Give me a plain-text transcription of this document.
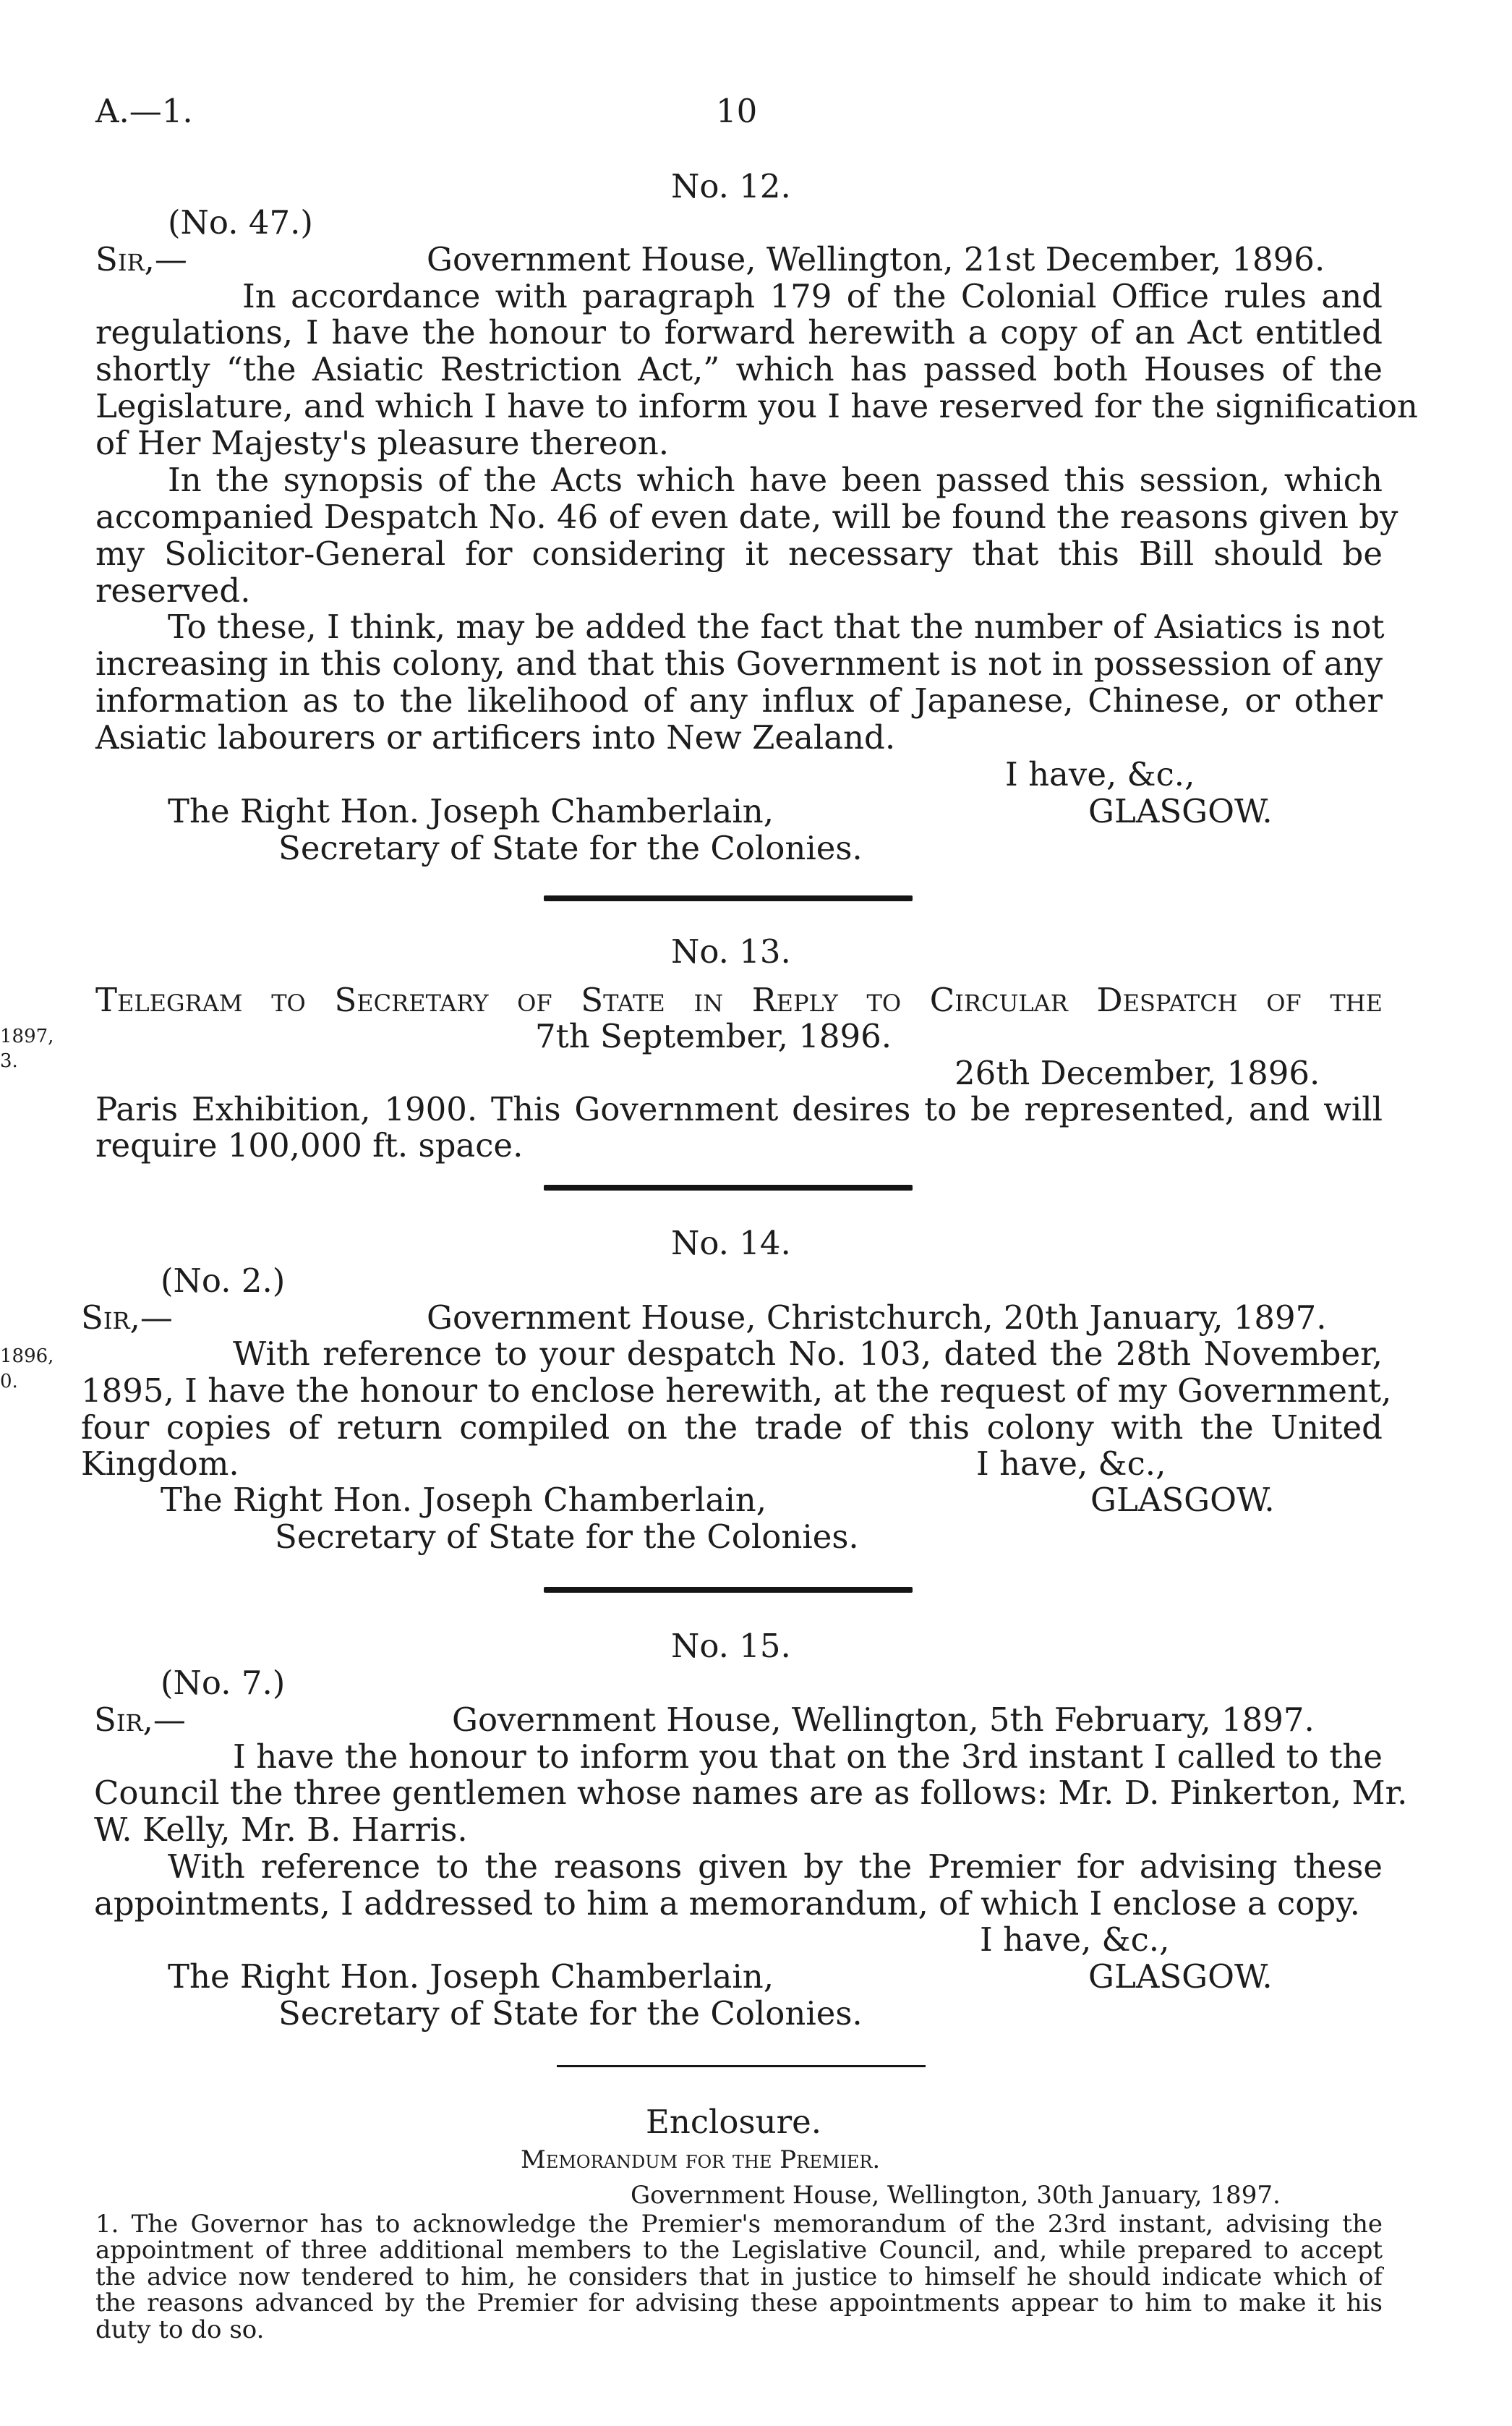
A.—1.	10
1897,
3.
1896,
0.
No. 12.
(No. 47.)
Sir,—	Government House, Wellington, 21st December, 1896.
In accordance with paragraph 179 of the Colonial Office rules and
regulations, I have the honour to forward herewith a copy of an Act entitled
shortly “the Asiatic Restriction Act,” which has passed both Houses of the
Legislature, and which I have to inform you I have reserved for the signification
of Her Majesty's pleasure thereon.
In the synopsis of the Acts which have been passed this session, which
accompanied Despatch No. 46 of even date, will be found the reasons given by
my Solicitor-General for considering it necessary that this Bill should be
reserved.
To these, I think, may be added the fact that the number of Asiatics is not
increasing in this colony, and that this Government is not in possession of any
information as to the likelihood of any influx of Japanese, Chinese, or other
Asiatic labourers or artificers into New Zealand.
I have, &c.,
The Right Hon. Joseph Chamberlain,	GLASGOW.
Secretary of State for the Colonies.
No. 13.
Telegram to Secretary of State in Reply to Circular Despatch of the
7th September, 1896.
26th December, 1896.
Paris Exhibition, 1900. This Government desires to be represented, and will
require 100,000 ft. space.
No. 14.
(No. 2.)
Sir,—	Government House, Christchurch, 20th January, 1897.
With reference to your despatch No. 103, dated the 28th November,
1895, I have the honour to enclose herewith, at the request of my Government,
four copies of return compiled on the trade of this colony with the United
Kingdom.	I have, &c.,
The Right Hon. Joseph Chamberlain,	GLASGOW.
Secretary of State for the Colonies.
No. 15.
(No. 7.)
Sir,—	Government House, Wellington, 5th February, 1897.
I have the honour to inform you that on the 3rd instant I called to the
Council the three gentlemen whose names are as follows: Mr. D. Pinkerton, Mr.
W. Kelly, Mr. B. Harris.
With reference to the reasons given by the Premier for advising these
appointments, I addressed to him a memorandum, of which I enclose a copy.
I have, &c.,
The Right Hon. Joseph Chamberlain,	GLASGOW.
Secretary of State for the Colonies.
Enclosure.
Memorandum for the Premier.
Government House, Wellington, 30th January, 1897.
1. The Governor has to acknowledge the Premier's memorandum of the 23rd instant, advising the
appointment of three additional members to the Legislative Council, and, while prepared to accept
the advice now tendered to him, he considers that in justice to himself he should indicate which of
the reasons advanced by the Premier for advising these appointments appear to him to make it his
duty to do so.
